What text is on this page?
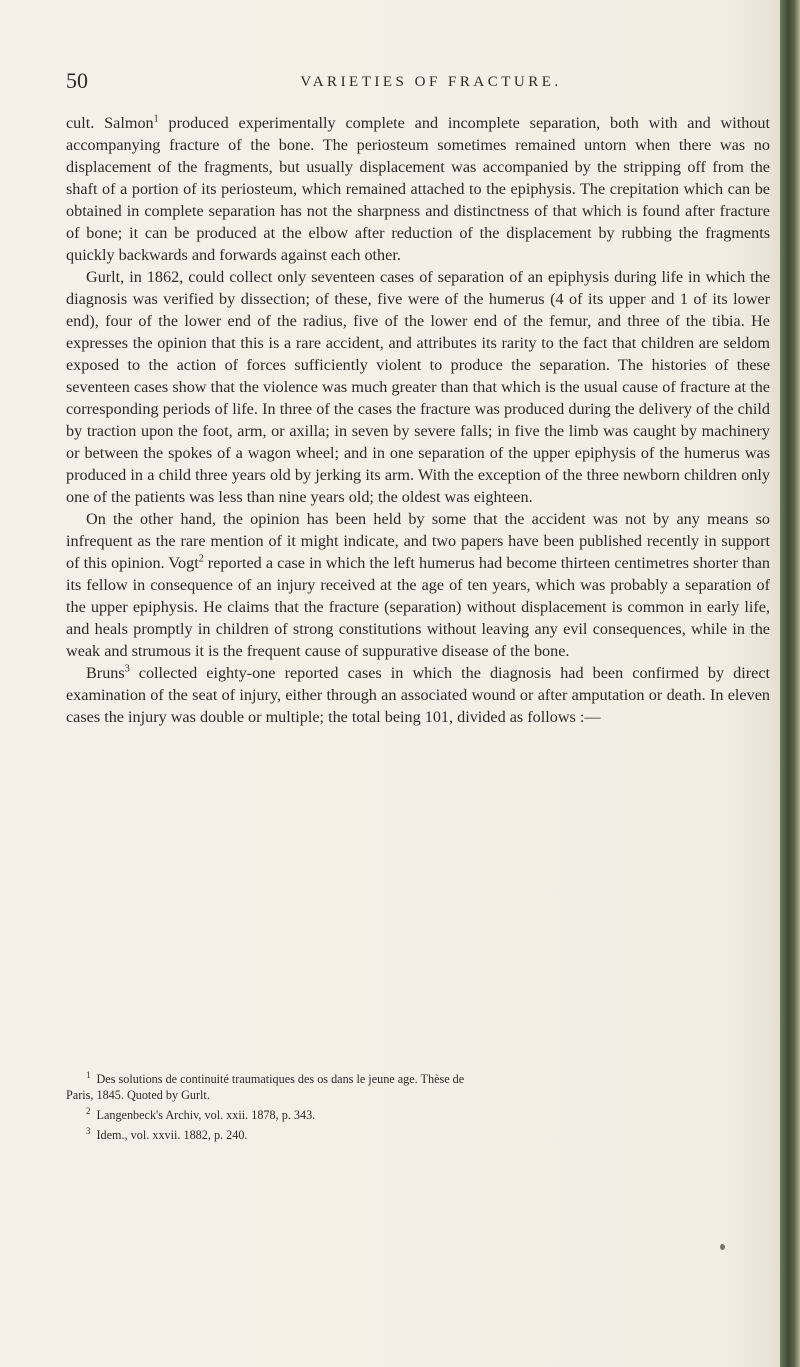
50	VARIETIES OF FRACTURE.

cult. Salmon$^1$ produced experimentally complete and incomplete separation, both with and without accompanying fracture of the bone. The periosteum sometimes remained untorn when there was no displacement of the fragments, but usually displacement was accompanied by the stripping off from the shaft of a portion of its periosteum, which remained attached to the epiphysis. The crepitation which can be obtained in complete separation has not the sharpness and distinctness of that which is found after fracture of bone; it can be produced at the elbow after reduction of the displacement by rubbing the fragments quickly backwards and forwards against each other.

Gurlt, in 1862, could collect only seventeen cases of separation of an epiphysis during life in which the diagnosis was verified by dissection; of these, five were of the humerus (4 of its upper and 1 of its lower end), four of the lower end of the radius, five of the lower end of the femur, and three of the tibia. He expresses the opinion that this is a rare accident, and attributes its rarity to the fact that children are seldom exposed to the action of forces sufficiently violent to produce the separation. The histories of these seventeen cases show that the violence was much greater than that which is the usual cause of fracture at the corresponding periods of life. In three of the cases the fracture was produced during the delivery of the child by traction upon the foot, arm, or axilla; in seven by severe falls; in five the limb was caught by machinery or between the spokes of a wagon wheel; and in one separation of the upper epiphysis of the humerus was produced in a child three years old by jerking its arm. With the exception of the three newborn children only one of the patients was less than nine years old; the oldest was eighteen.

On the other hand, the opinion has been held by some that the accident was not by any means so infrequent as the rare mention of it might indicate, and two papers have been published recently in support of this opinion. Vogt$^2$ reported a case in which the left humerus had become thirteen centimetres shorter than its fellow in consequence of an injury received at the age of ten years, which was probably a separation of the upper epiphysis. He claims that the fracture (separation) without displacement is common in early life, and heals promptly in children of strong constitutions without leaving any evil consequences, while in the weak and strumous it is the frequent cause of suppurative disease of the bone.

Bruns$^3$ collected eighty-one reported cases in which the diagnosis had been confirmed by direct examination of the seat of injury, either through an associated wound or after amputation or death. In eleven cases the injury was double or multiple; the total being 101, divided as follows :—

$^1$ Des solutions de continuité traumatiques des os dans le jeune age. Thèse de

Paris, 1845. Quoted by Gurlt.

$^2$ Langenbeck's Archiv, vol. xxii. 1878, p. 343.

$^3$ Idem., vol. xxvii. 1882, p. 240.
